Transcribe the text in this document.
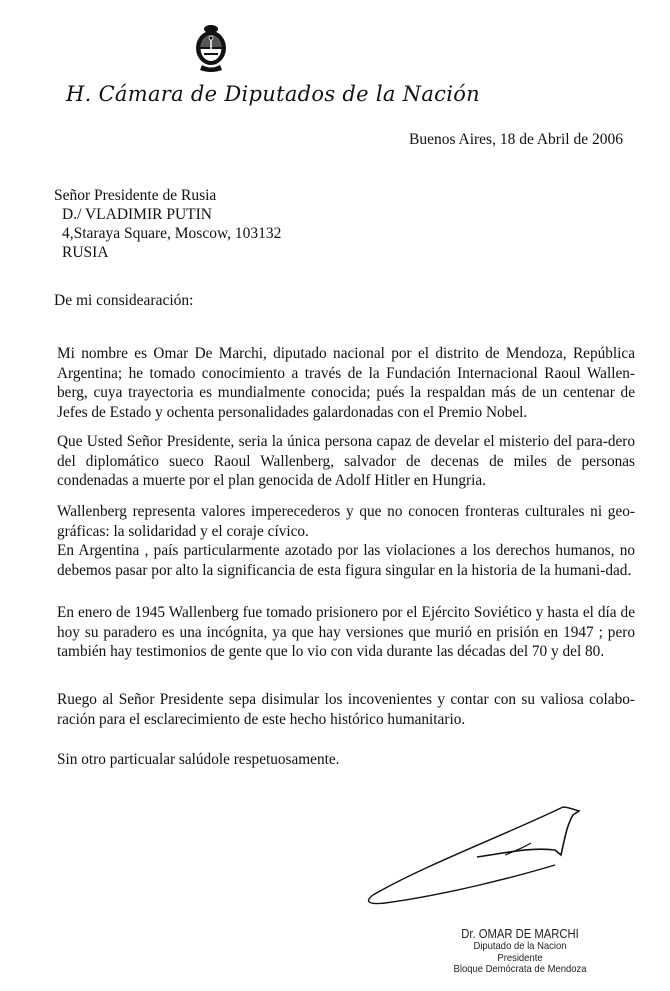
H. Cámara de Diputados de la Nación
Buenos Aires, 18 de Abril de 2006
Señor Presidente de Rusia
D./ VLADIMIR PUTIN
4,Staraya Square, Moscow, 103132
RUSIA
De mi considearación:
Mi nombre es Omar De Marchi, diputado nacional por el distrito de Mendoza, República Argentina; he tomado conocimiento a través de la Fundación Internacional Raoul Wallen-berg, cuya trayectoria es mundialmente conocida; pués la respaldan más de un centenar de Jefes de Estado y ochenta personalidades galardonadas con el Premio Nobel.
Que Usted Señor Presidente, seria la única persona capaz de develar el misterio del para-dero del diplomático sueco Raoul Wallenberg, salvador de decenas de miles de personas condenadas a muerte por el plan genocida de Adolf Hitler en Hungria.
Wallenberg representa valores imperecederos y que no conocen fronteras culturales ni geo-gráficas: la solidaridad y el coraje cívico.
En Argentina , país particularmente azotado por las violaciones a los derechos humanos, no debemos pasar por alto la significancia de esta figura singular en la historia de la humani-dad.
En enero de 1945 Wallenberg fue tomado prisionero por el Ejército Soviético y hasta el día de hoy su paradero es una incógnita, ya que hay versiones que murió en prisión en 1947 ; pero también hay testimonios de gente que lo vio con vida durante las décadas del 70 y del 80.
Ruego al Señor Presidente sepa disimular los incovenientes y contar con su valiosa colabo-ración para el esclarecimiento de este hecho histórico humanitario.
Sin otro particualar salúdole respetuosamente.
Dr. OMAR DE MARCHI
Diputado de la Nacion
Presidente
Bloque Demócrata de Mendoza
